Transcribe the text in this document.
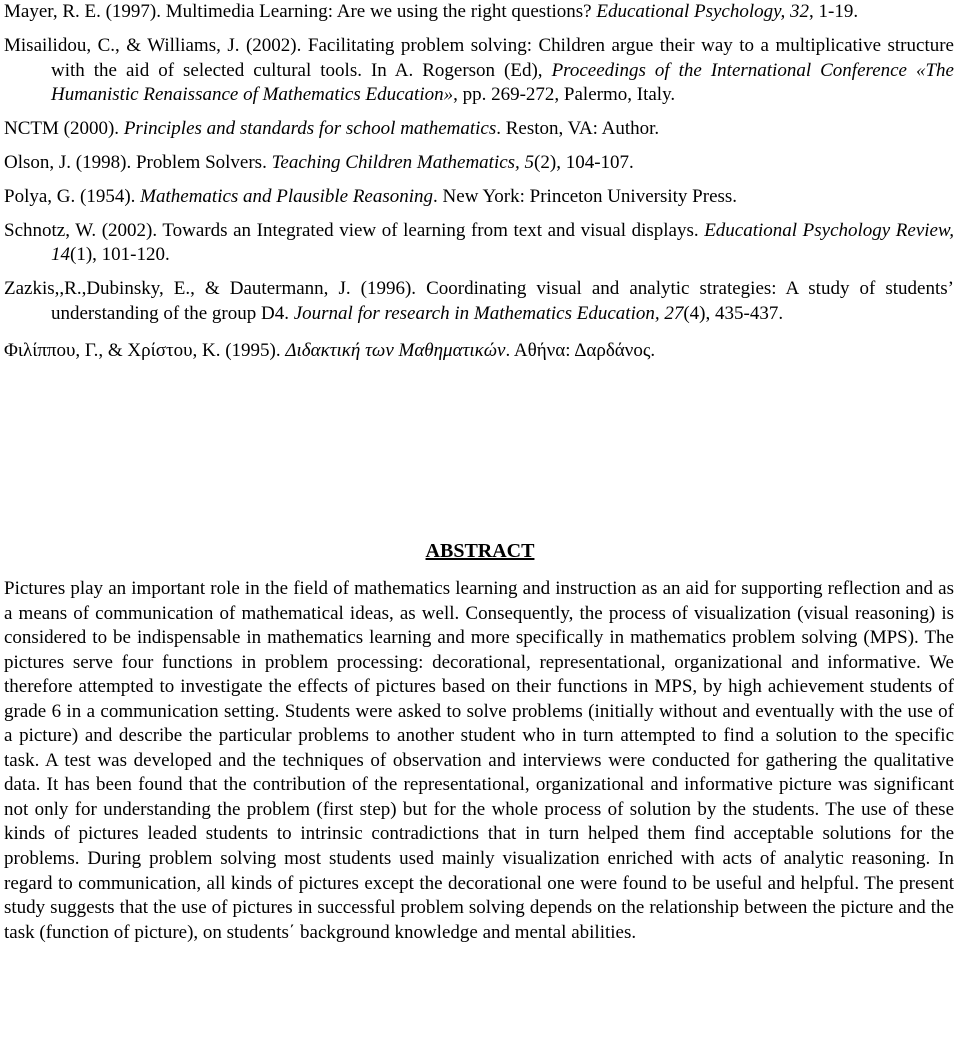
Mayer, R. E. (1997). Multimedia Learning: Are we using the right questions? Educational Psychology, 32, 1-19.

Misailidou, C., & Williams, J. (2002). Facilitating problem solving: Children argue their way to a multiplicative structure with the aid of selected cultural tools. In A. Rogerson (Ed), Proceedings of the International Conference «The Humanistic Renaissance of Mathematics Education», pp. 269-272, Palermo, Italy.

NCTM (2000). Principles and standards for school mathematics. Reston, VA: Author.

Olson, J. (1998). Problem Solvers. Teaching Children Mathematics, 5(2), 104-107.

Polya, G. (1954). Mathematics and Plausible Reasoning. New York: Princeton University Press.

Schnotz, W. (2002). Towards an Integrated view of learning from text and visual displays. Educational Psychology Review, 14(1), 101-120.

Zazkis,,R.,Dubinsky, E., & Dautermann, J. (1996). Coordinating visual and analytic strategies: A study of students’ understanding of the group D4. Journal for research in Mathematics Education, 27(4), 435-437.

Φιλίππου, Γ., & Χρίστου, Κ. (1995). Διδακτική των Μαθηματικών. Αθήνα: Δαρδάνος.

ABSTRACT

Pictures play an important role in the field of mathematics learning and instruction as an aid for supporting reflection and as a means of communication of mathematical ideas, as well. Consequently, the process of visualization (visual reasoning) is considered to be indispensable in mathematics learning and more specifically in mathematics problem solving (MPS). The pictures serve four functions in problem processing: decorational, representational, organizational and informative. We therefore attempted to investigate the effects of pictures based on their functions in MPS, by high achievement students of grade 6 in a communication setting. Students were asked to solve problems (initially without and eventually with the use of a picture) and describe the particular problems to another student who in turn attempted to find a solution to the specific task. A test was developed and the techniques of observation and interviews were conducted for gathering the qualitative data. It has been found that the contribution of the representational, organizational and informative picture was significant not only for understanding the problem (first step) but for the whole process of solution by the students. The use of these kinds of pictures leaded students to intrinsic contradictions that in turn helped them find acceptable solutions for the problems. During problem solving most students used mainly visualization enriched with acts of analytic reasoning. In regard to communication, all kinds of pictures except the decorational one were found to be useful and helpful. The present study suggests that the use of pictures in successful problem solving depends on the relationship between the picture and the task (function of picture), on students΄ background knowledge and mental abilities.
